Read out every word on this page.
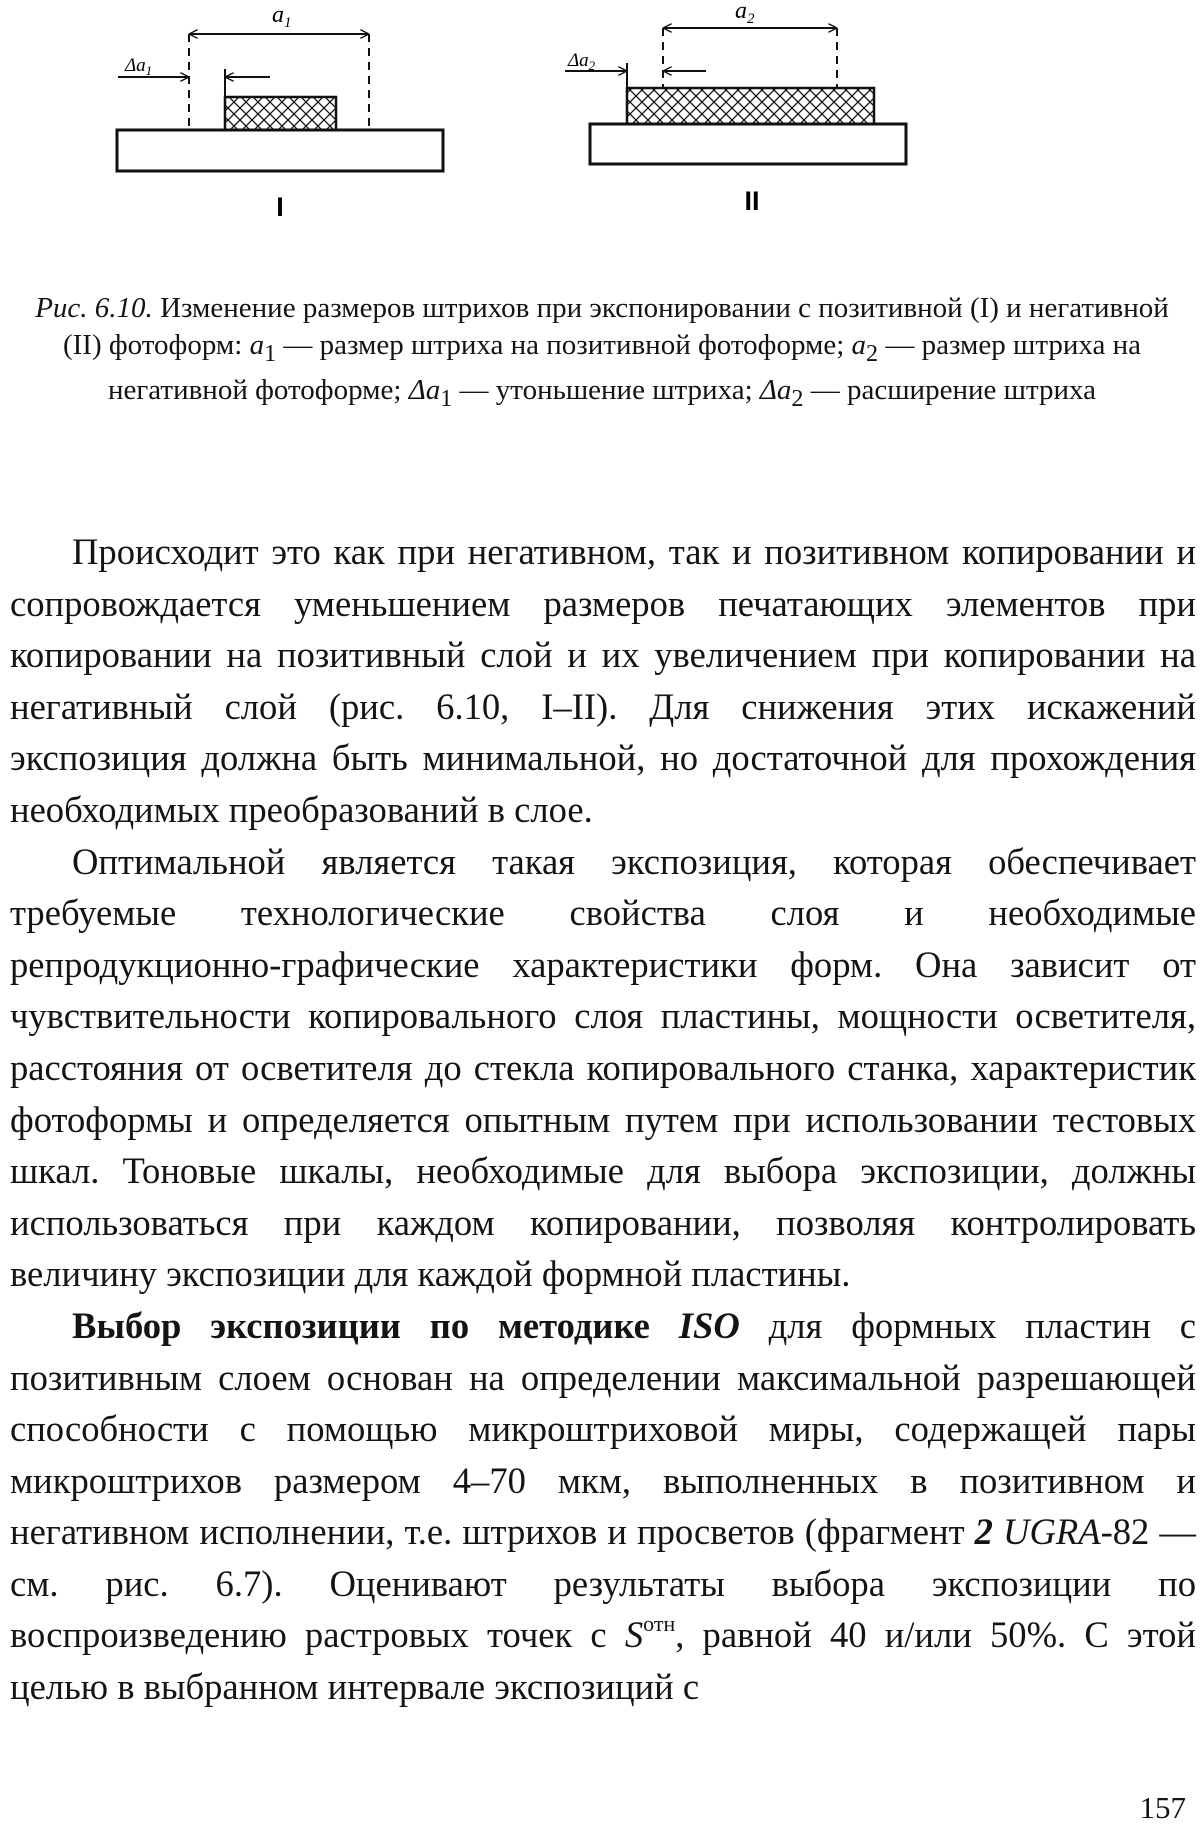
$a_1$
$\Delta a_1$
I
$a_2$
$\Delta a_2$
II
Рис. 6.10. Изменение размеров штрихов при экспонировании с позитивной (I) и негативной (II) фотоформ: $a_1$ — размер штриха на позитивной фотоформе; $a_2$ — размер штриха на негативной фотоформе; $\Delta a_1$ — утоньшение штриха; $\Delta a_2$ — расширение штриха

Происходит это как при негативном, так и позитивном копировании и сопровождается уменьшением размеров печатающих элементов при копировании на позитивный слой и их увеличением при копировании на негативный слой (рис. 6.10, I–II). Для снижения этих искажений экспозиция должна быть минимальной, но достаточной для прохождения необходимых преобразований в слое.

Оптимальной является такая экспозиция, которая обеспечивает требуемые технологические свойства слоя и необходимые репродукционно-графические характеристики форм. Она зависит от чувствительности копировального слоя пластины, мощности осветителя, расстояния от осветителя до стекла копировального станка, характеристик фотоформы и определяется опытным путем при использовании тестовых шкал. Тоновые шкалы, необходимые для выбора экспозиции, должны использоваться при каждом копировании, позволяя контролировать величину экспозиции для каждой формной пластины.

Выбор экспозиции по методике ISO для формных пластин с позитивным слоем основан на определении максимальной разрешающей способности с помощью микроштриховой миры, содержащей пары микроштрихов размером 4–70 мкм, выполненных в позитивном и негативном исполнении, т.е. штрихов и просветов (фрагмент 2 UGRA-82 — см. рис. 6.7). Оценивают результаты выбора экспозиции по воспроизведению растровых точек с $S^{отн}$, равной 40 и/или 50%. С этой целью в выбранном интервале экспозиций с

157
